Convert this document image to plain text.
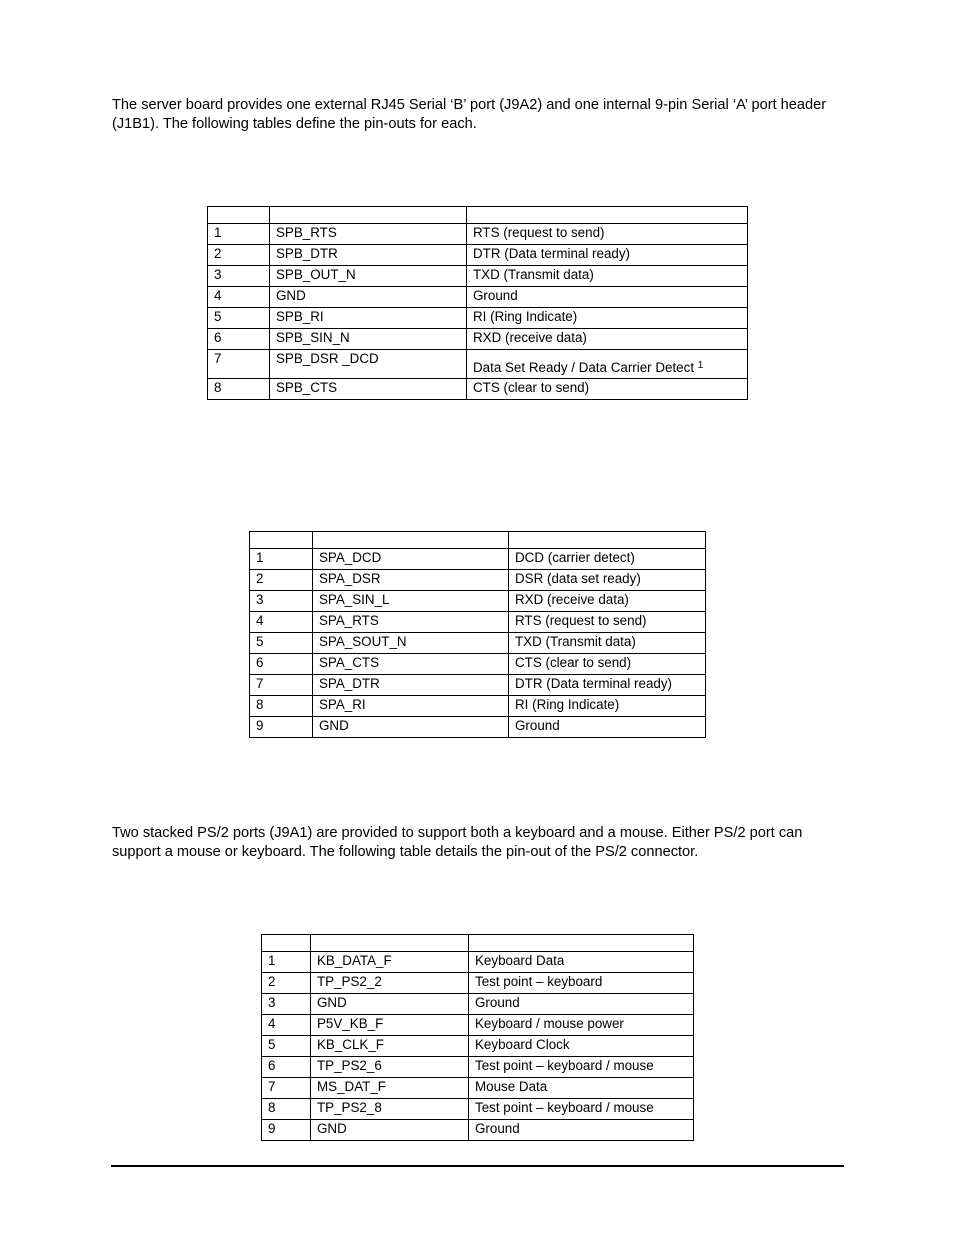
The server board provides one external RJ45 Serial ‘B’ port (J9A2) and one internal 9-pin Serial ‘A’ port header (J1B1). The following tables define the pin-outs for each.

1	SPB_RTS	RTS (request to send)
2	SPB_DTR	DTR (Data terminal ready)
3	SPB_OUT_N	TXD (Transmit data)
4	GND	Ground
5	SPB_RI	RI (Ring Indicate)
6	SPB_SIN_N	RXD (receive data)
7	SPB_DSR _DCD	Data Set Ready / Data Carrier Detect $^1$
8	SPB_CTS	CTS (clear to send)

1	SPA_DCD	DCD (carrier detect)
2	SPA_DSR	DSR (data set ready)
3	SPA_SIN_L	RXD (receive data)
4	SPA_RTS	RTS (request to send)
5	SPA_SOUT_N	TXD (Transmit data)
6	SPA_CTS	CTS (clear to send)
7	SPA_DTR	DTR (Data terminal ready)
8	SPA_RI	RI (Ring Indicate)
9	GND	Ground

Two stacked PS/2 ports (J9A1) are provided to support both a keyboard and a mouse. Either PS/2 port can support a mouse or keyboard. The following table details the pin-out of the PS/2 connector.

1	KB_DATA_F	Keyboard Data
2	TP_PS2_2	Test point – keyboard
3	GND	Ground
4	P5V_KB_F	Keyboard / mouse power
5	KB_CLK_F	Keyboard Clock
6	TP_PS2_6	Test point – keyboard / mouse
7	MS_DAT_F	Mouse Data
8	TP_PS2_8	Test point – keyboard / mouse
9	GND	Ground
